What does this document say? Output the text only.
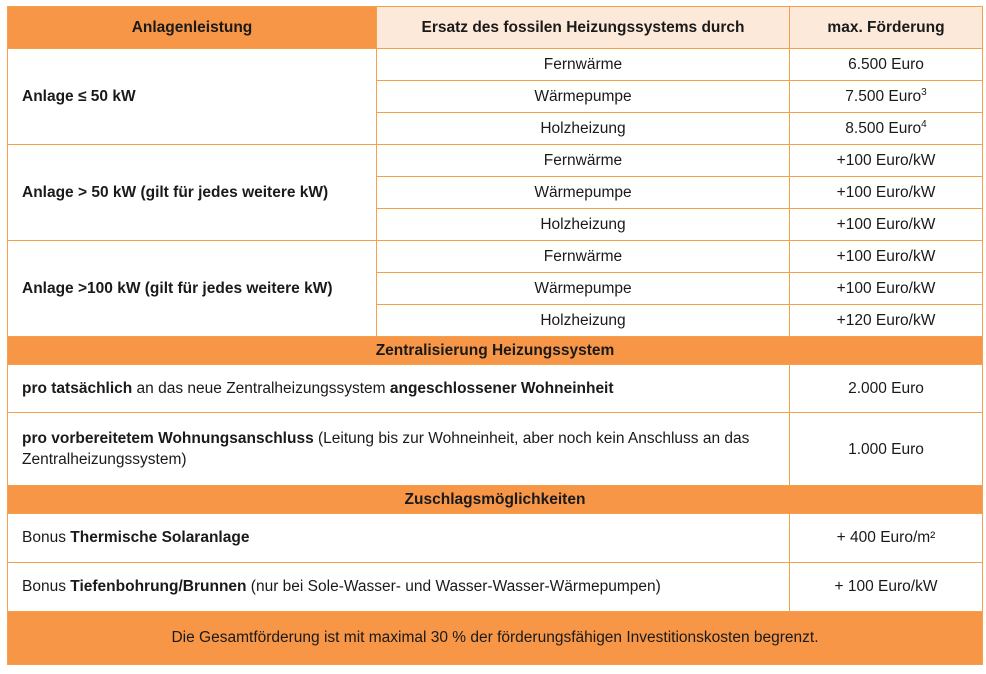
Anlagenleistung	Ersatz des fossilen Heizungssystems durch	max. Förderung
Anlage ≤ 50 kW	Fernwärme	6.500 Euro
	Wärmepumpe	7.500 Euro$^3$
	Holzheizung	8.500 Euro$^4$
Anlage > 50 kW (gilt für jedes weitere kW)	Fernwärme	+100 Euro/kW
	Wärmepumpe	+100 Euro/kW
	Holzheizung	+100 Euro/kW
Anlage >100 kW (gilt für jedes weitere kW)	Fernwärme	+100 Euro/kW
	Wärmepumpe	+100 Euro/kW
	Holzheizung	+120 Euro/kW
Zentralisierung Heizungssystem		
pro tatsächlich an das neue Zentralheizungssystem angeschlossener Wohneinheit		2.000 Euro
pro vorbereitetem Wohnungsanschluss (Leitung bis zur Wohneinheit, aber noch kein Anschluss an das Zentralheizungssystem)		1.000 Euro
Zuschlagsmöglichkeiten		
Bonus Thermische Solaranlage		+ 400 Euro/m²
Bonus Tiefenbohrung/Brunnen (nur bei Sole-Wasser- und Wasser-Wasser-Wärmepumpen)		+ 100 Euro/kW
Die Gesamtförderung ist mit maximal 30 % der förderungsfähigen Investitionskosten begrenzt.		
